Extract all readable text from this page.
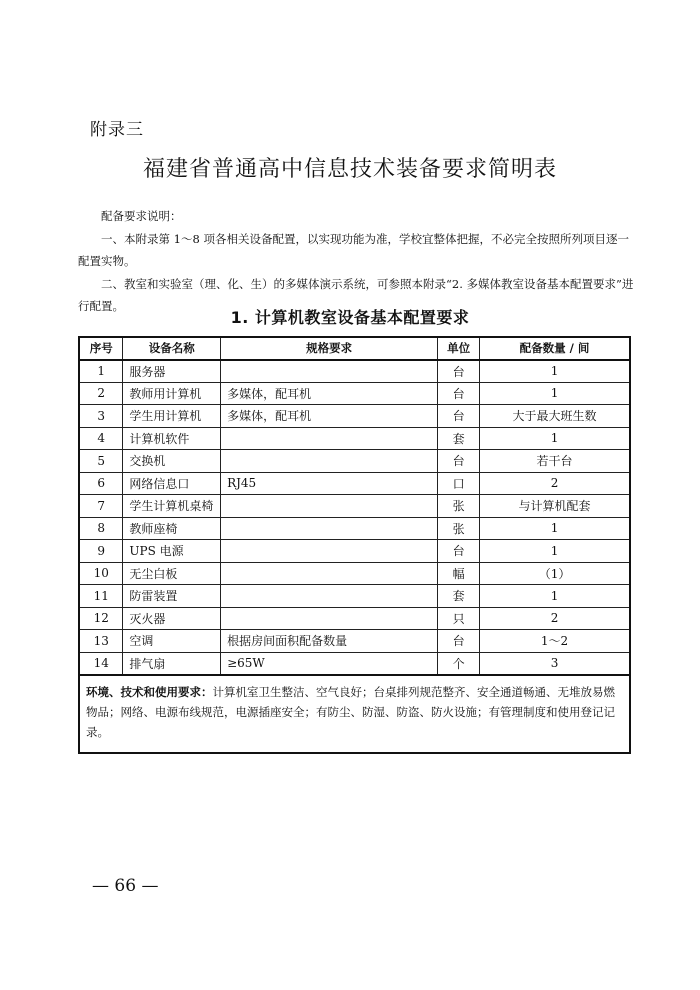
附录三
福建省普通高中信息技术装备要求简明表

配备要求说明：

一、本附录第 1～8 项各相关设备配置，以实现功能为准，学校宜整体把握，不必完全按照所列项目逐一配置实物。

二、教室和实验室（理、化、生）的多媒体演示系统，可参照本附录“2. 多媒体教室设备基本配置要求”进行配置。

1. 计算机教室设备基本配置要求
序号	设备名称	规格要求	单位	配备数量 / 间
1	服务器		台	1
2	教师用计算机	多媒体，配耳机	台	1
3	学生用计算机	多媒体，配耳机	台	大于最大班生数
4	计算机软件		套	1
5	交换机		台	若干台
6	网络信息口	RJ45	口	2
7	学生计算机桌椅		张	与计算机配套
8	教师座椅		张	1
9	UPS 电源		台	1
10	无尘白板		幅	（1）
11	防雷装置		套	1
12	灭火器		只	2
13	空调	根据房间面积配备数量	台	1～2
14	排气扇	≥65W	个	3
环境、技术和使用要求：计算机室卫生整洁、空气良好；台桌排列规范整齐、安全通道畅通、无堆放易燃物品；网络、电源布线规范，电源插座安全；有防尘、防湿、防盗、防火设施；有管理制度和使用登记记录。				
— 66 —
